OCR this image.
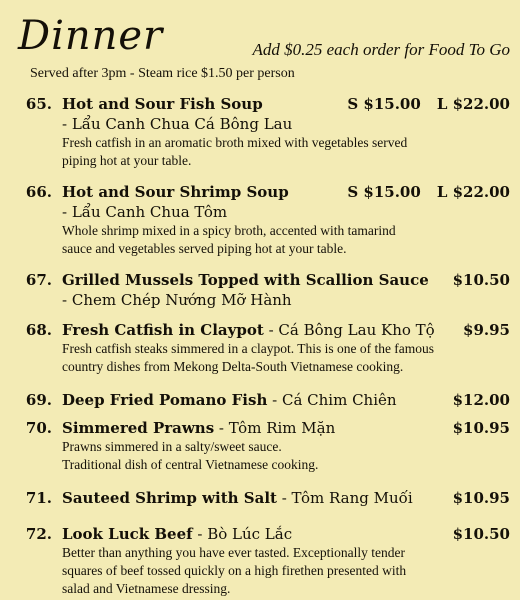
Dinner	Add $0.25 each order for Food To Go
Served after 3pm - Steam rice $1.50 per person
65. Hot and Sour Fish Soup	S $15.00 L $22.00
- Lẩu Canh Chua Cá Bông Lau
Fresh catfish in an aromatic broth mixed with vegetables served
piping hot at your table.
66. Hot and Sour Shrimp Soup	S $15.00 L $22.00
- Lẩu Canh Chua Tôm
Whole shrimp mixed in a spicy broth, accented with tamarind
sauce and vegetables served piping hot at your table.
67. Grilled Mussels Topped with Scallion Sauce $10.50
- Chem Chép Nướng Mỡ Hành
68. Fresh Catfish in Claypot - Cá Bông Lau Kho Tộ $9.95
Fresh catfish steaks simmered in a claypot. This is one of the famous
country dishes from Mekong Delta-South Vietnamese cooking.
69. Deep Fried Pomano Fish - Cá Chim Chiên	$12.00
70. Simmered Prawns - Tôm Rim Mặn	$10.95
Prawns simmered in a salty/sweet sauce.
Traditional dish of central Vietnamese cooking.
71. Sauteed Shrimp with Salt - Tôm Rang Muối	$10.95
72. Look Luck Beef - Bò Lúc Lắc	$10.50
Better than anything you have ever tasted. Exceptionally tender
squares of beef tossed quickly on a high firethen presented with
salad and Vietnamese dressing.
